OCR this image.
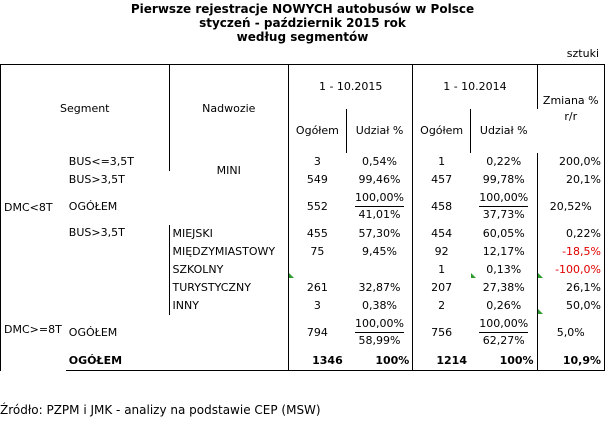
Pierwsze rejestracje NOWYCH autobusów w Polsce
styczeń - październik 2015 rok
według segmentów
sztuki
Segment		Nadwozie	1 - 10.2015		1 - 10.2014		Zmiana % r/r
			Ogółem	Udział %	Ogółem	Udział %	
DMC<8T	BUS<=3,5T	MINI	3	0,54%	1	0,22%	200,0%
	BUS>3,5T		549	99,46%	457	99,78%	20,1%
	OGÓŁEM		552	$\frac{100,00\%}{41,01\%}$	458	$\frac{100,00\%}{37,73\%}$	20,52%

DMC>=8T	BUS>3,5T	MIEJSKI	455	57,30%	454	60,05%	0,22%
		MIĘDZYMIASTOWY	75	9,45%	92	12,17%	-18,5%
		SZKOLNY			1	0,13%	-100,0%
		TURYSTYCZNY	261	32,87%	207	27,38%	26,1%
		INNY	3	0,38%	2	0,26%	50,0%
	OGÓŁEM		794	$\frac{100,00\%}{58,99\%}$	756	$\frac{100,00\%}{62,27\%}$	5,0%
	OGÓŁEM		1346	100%	1214	100%	10,9%
Źródło: PZPM i JMK - analizy na podstawie CEP (MSW)
